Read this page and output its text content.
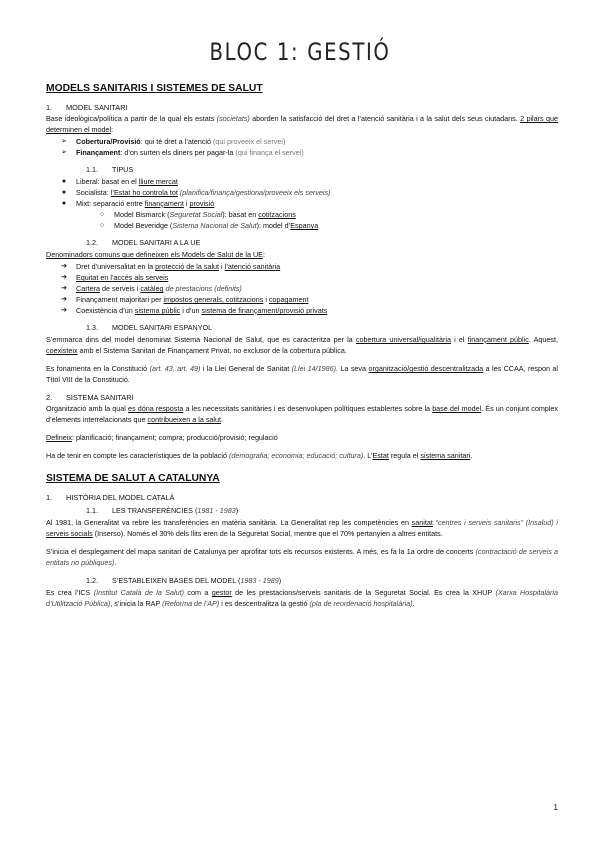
BLOC 1: GESTIÓ
MODELS SANITARIS I SISTEMES DE SALUT
1.	MODEL SANITARI

Base ideològica/política a partir de la qual els estats (societats) aborden la satisfacció del dret a l’atenció sanitària i a la salut dels seus ciutadans. 2 pilars que determinen el model:

➢	Cobertura/Provisió: qui té dret a l’atenció (qui proveeix el servei)
➢	Finançament: d’on surten els diners per pagar-la (qui finança el servei)
1.1. TIPUS
●	Liberal: basat en el lliure mercat
●	Socialista: l’Estat ho controla tot (planifica/finança/gestiona/proveeix els serveis)
●	Mixt: separació entre finançament i provisió
○	Model Bismarck (Seguretat Social): basat en cotitzacions
○	Model Beveridge (Sistema Nacional de Salut): model d’Espanya
1.2. MODEL SANITARI A LA UE

Denominadors comuns que defineixen els Models de Salut de la UE:

➔	Dret d’universalitat en la protecció de la salut i l’atenció sanitària
➔	Equitat en l’accés als serveis
➔	Cartera de serveis i catàleg de prestacions (definits)
➔	Finançament majoritari per impostos generals, cotitzacions i copagament
➔	Coexistència d’un sistema públic i d’un sistema de finançament/provisió privats
1.3. MODEL SANITARI ESPANYOL

S’emmarca dins del model denominat Sistema Nacional de Salut, que es caracteritza per la cobertura universal/igualitària i el finançament públic. Aquest, coexisteix amb el Sistema Sanitari de Finançament Privat, no exclusor de la cobertura pública.

Es fonamenta en la Constitució (art. 43, art. 49) i la Llei General de Sanitat (Llei 14/1986). La seva organització/gestió descentralitzada a les CCAA, respon al Títol VIII de la Constitució.

2.	SISTEMA SANITARI

Organització amb la qual es dóna resposta a les necessitats sanitàries i es desenvolupen polítiques establertes sobre la base del model. És un conjunt complex d’elements interrelacionats que contribueixen a la salut.

Defineix: planificació; finançament; compra; producció/provisió; regulació

Ha de tenir en compte les característiques de la població (demografia; economia; educació; cultura). L’Estat regula el sistema sanitari.

SISTEMA DE SALUT A CATALUNYA
1.	HISTÒRIA DEL MODEL CATALÀ
1.1. LES TRANSFERÈNCIES (1981 - 1983)

Al 1981, la Generalitat va rebre les transferències en matèria sanitària. La Generalitat rep les competències en sanitat “centres i serveis sanitaris” (Insalud) i serveis socials (Inserso). Només el 30% dels llits eren de la Seguretat Social, mentre que el 70% pertanyien a altres entitats.

S’inicia el desplegament del mapa sanitari de Catalunya per aprofitar tots els recursos existents. A més, es fa la 1a ordre de concerts (contractació de serveis a entitats no públiques).

1.2. S’ESTABLEIXEN BASES DEL MODEL (1983 - 1989)

Es crea l’ICS (Institut Català de la Salut) com a gestor de les prestacions/serveis sanitaris de la Seguretat Social. Es crea la XHUP (Xarxa Hospitalària d’Utilització Pública), s’inicia la RAP (Reforma de l’AP) i es descentralitza la gestió (pla de reordenació hospitalària).

1
